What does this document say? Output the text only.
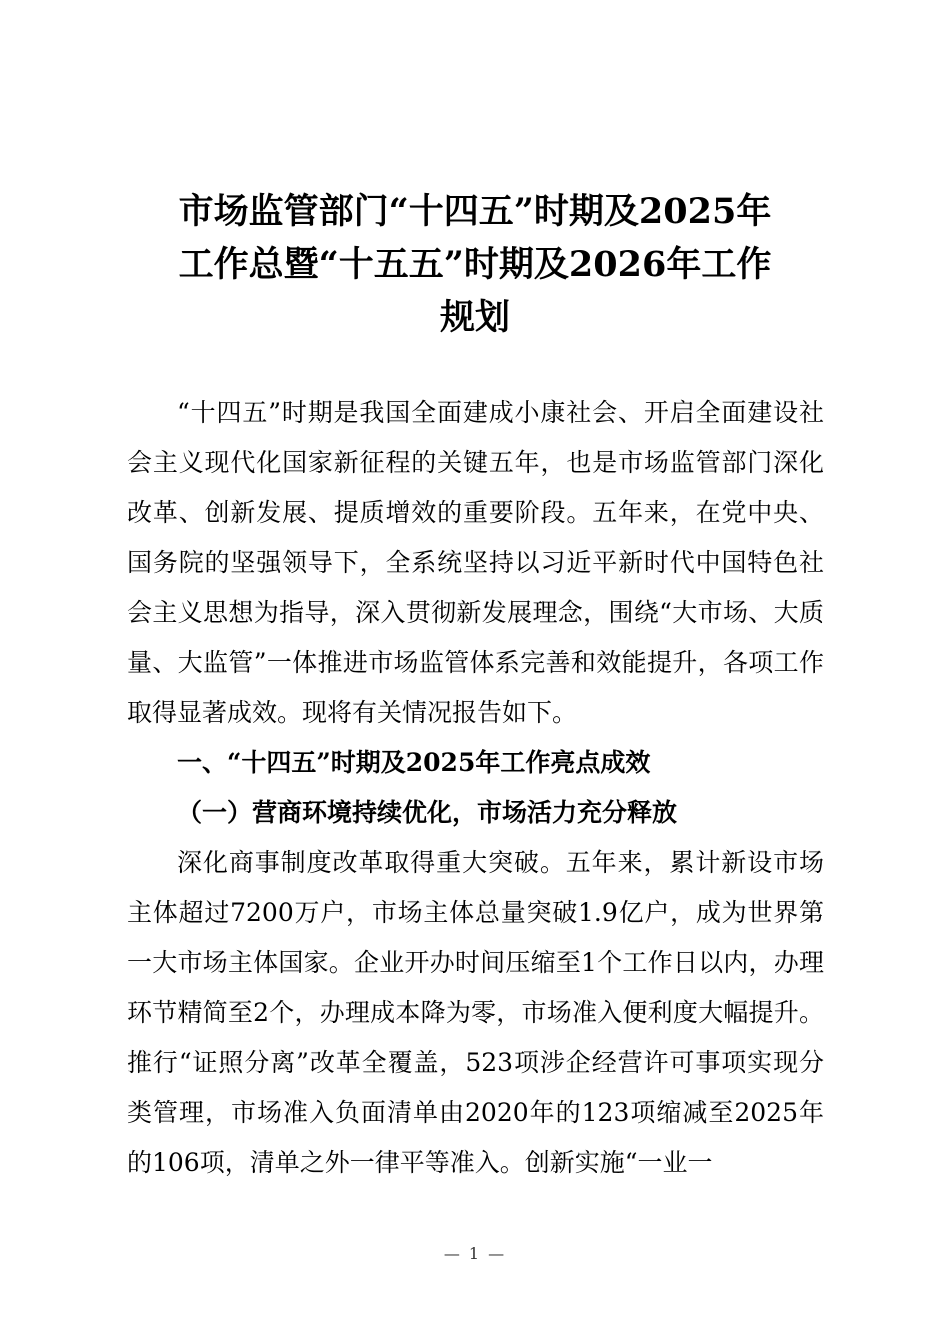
市场监管部门“十四五”时期及2025年
工作总暨“十五五”时期及2026年工作
规划

“十四五”时期是我国全面建成小康社会、开启全面建设社会主义现代化国家新征程的关键五年，也是市场监管部门深化改革、创新发展、提质增效的重要阶段。五年来，在党中央、国务院的坚强领导下，全系统坚持以习近平新时代中国特色社会主义思想为指导，深入贯彻新发展理念，围绕“大市场、大质量、大监管”一体推进市场监管体系完善和效能提升，各项工作取得显著成效。现将有关情况报告如下。

一、“十四五”时期及2025年工作亮点成效

（一）营商环境持续优化，市场活力充分释放

深化商事制度改革取得重大突破。五年来，累计新设市场主体超过7200万户，市场主体总量突破1.9亿户，成为世界第一大市场主体国家。企业开办时间压缩至1个工作日以内，办理环节精简至2个，办理成本降为零，市场准入便利度大幅提升。推行“证照分离”改革全覆盖，523项涉企经营许可事项实现分类管理，市场准入负面清单由2020年的123项缩减至2025年的106项，清单之外一律平等准入。创新实施“一业一

— 1 —
